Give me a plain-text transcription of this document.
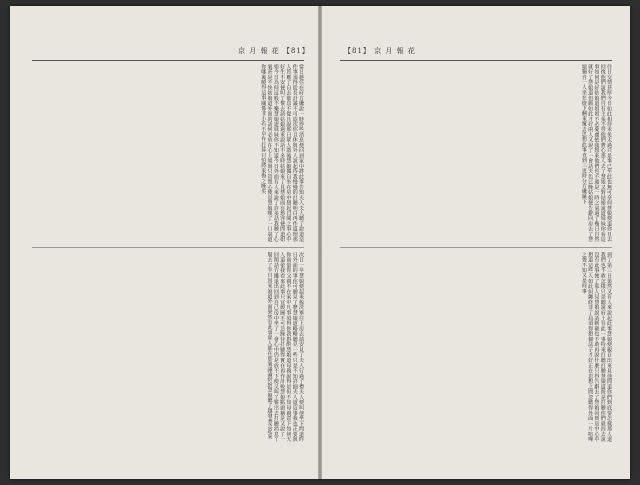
京 月 報 花 【81】
當日趁住在府方纔說一時得些消息便回到家中將此事告知夫人夫人聽了說道這件事須得從長計議不可造次你且休與外人說起待我慢慢的打聽明白再作道理那人答應了自去歇息不提且說那日眾人散後慧娘獨自坐在房中想起日間之事心中好生不安便叫丫鬟去請姑娘過來說話不多時姑娘來了見慧娘面有愁容便問道姐姐今日為何這般不樂慧娘道妹妹你不知道今日外面有人來說了許多話我聽了心裏甚是不快姑娘道外面的話何必放在心上姐姐只管寬心便是慧娘嘆了一口氣道你哪裏曉得這事關係非小若不早作打算只怕將來悔之晚矣
次日一早慧娘便起來梳洗畢往上房去請安見了夫人行過了禮夫人便叫他坐下問道昨日外面的事你可聽見了麼慧娘道略略聽見一些只是不知詳細夫人道這事我也正要與你商量你父親不在家中凡事須得你我斟酌慧娘道母親說得是但不知母親意下如何夫人道依我看來此事只宜緩圖不可急躁待打聽得實在再作計較慧娘點頭稱是又說了一回閑話方纔退出回到自己房中坐了一會心中仍是放不下便又叫丫鬟出去打聽消息丫鬟去了半日回來說道外面果然有此事眾人都在那裏議論紛紛慧娘聽了越發著急起來
【81】 京 月 報 花
往日交情甚厚今日如此相待未免太過只是事已至此也無可奈何慧娘便道你且去回復他們說我們自有主張不勞他們費心那人去了慧娘又對姑娘說道妹妹你看這事如何是好姑娘道姐姐不必憂慮依我想來他們也不過是一時之氣過了幾日自然就好了慧娘道但願如此才好兩人又說了一會話天色已晚姑娘便告辭回房去了慧娘獨自一人坐在燈下翻來覆去思想此事直到三更時分方纔睡下
到了第三日果然又有人來說起此事慧娘便親自出來見他問道你們到底要怎樣那人道我們也不敢怎樣只是聽說府上有此一事特來打聽打聽慧娘道既是打聽你們就回去說沒有此事便了那人見慧娘說話斬截也不敢再說什麼只得告辭去了慧娘回到房中心中想道這些人如此糾纏終非了局須得想個法子才好正在思想之間忽聽得外面一片喧嘩之聲不知又是何事
